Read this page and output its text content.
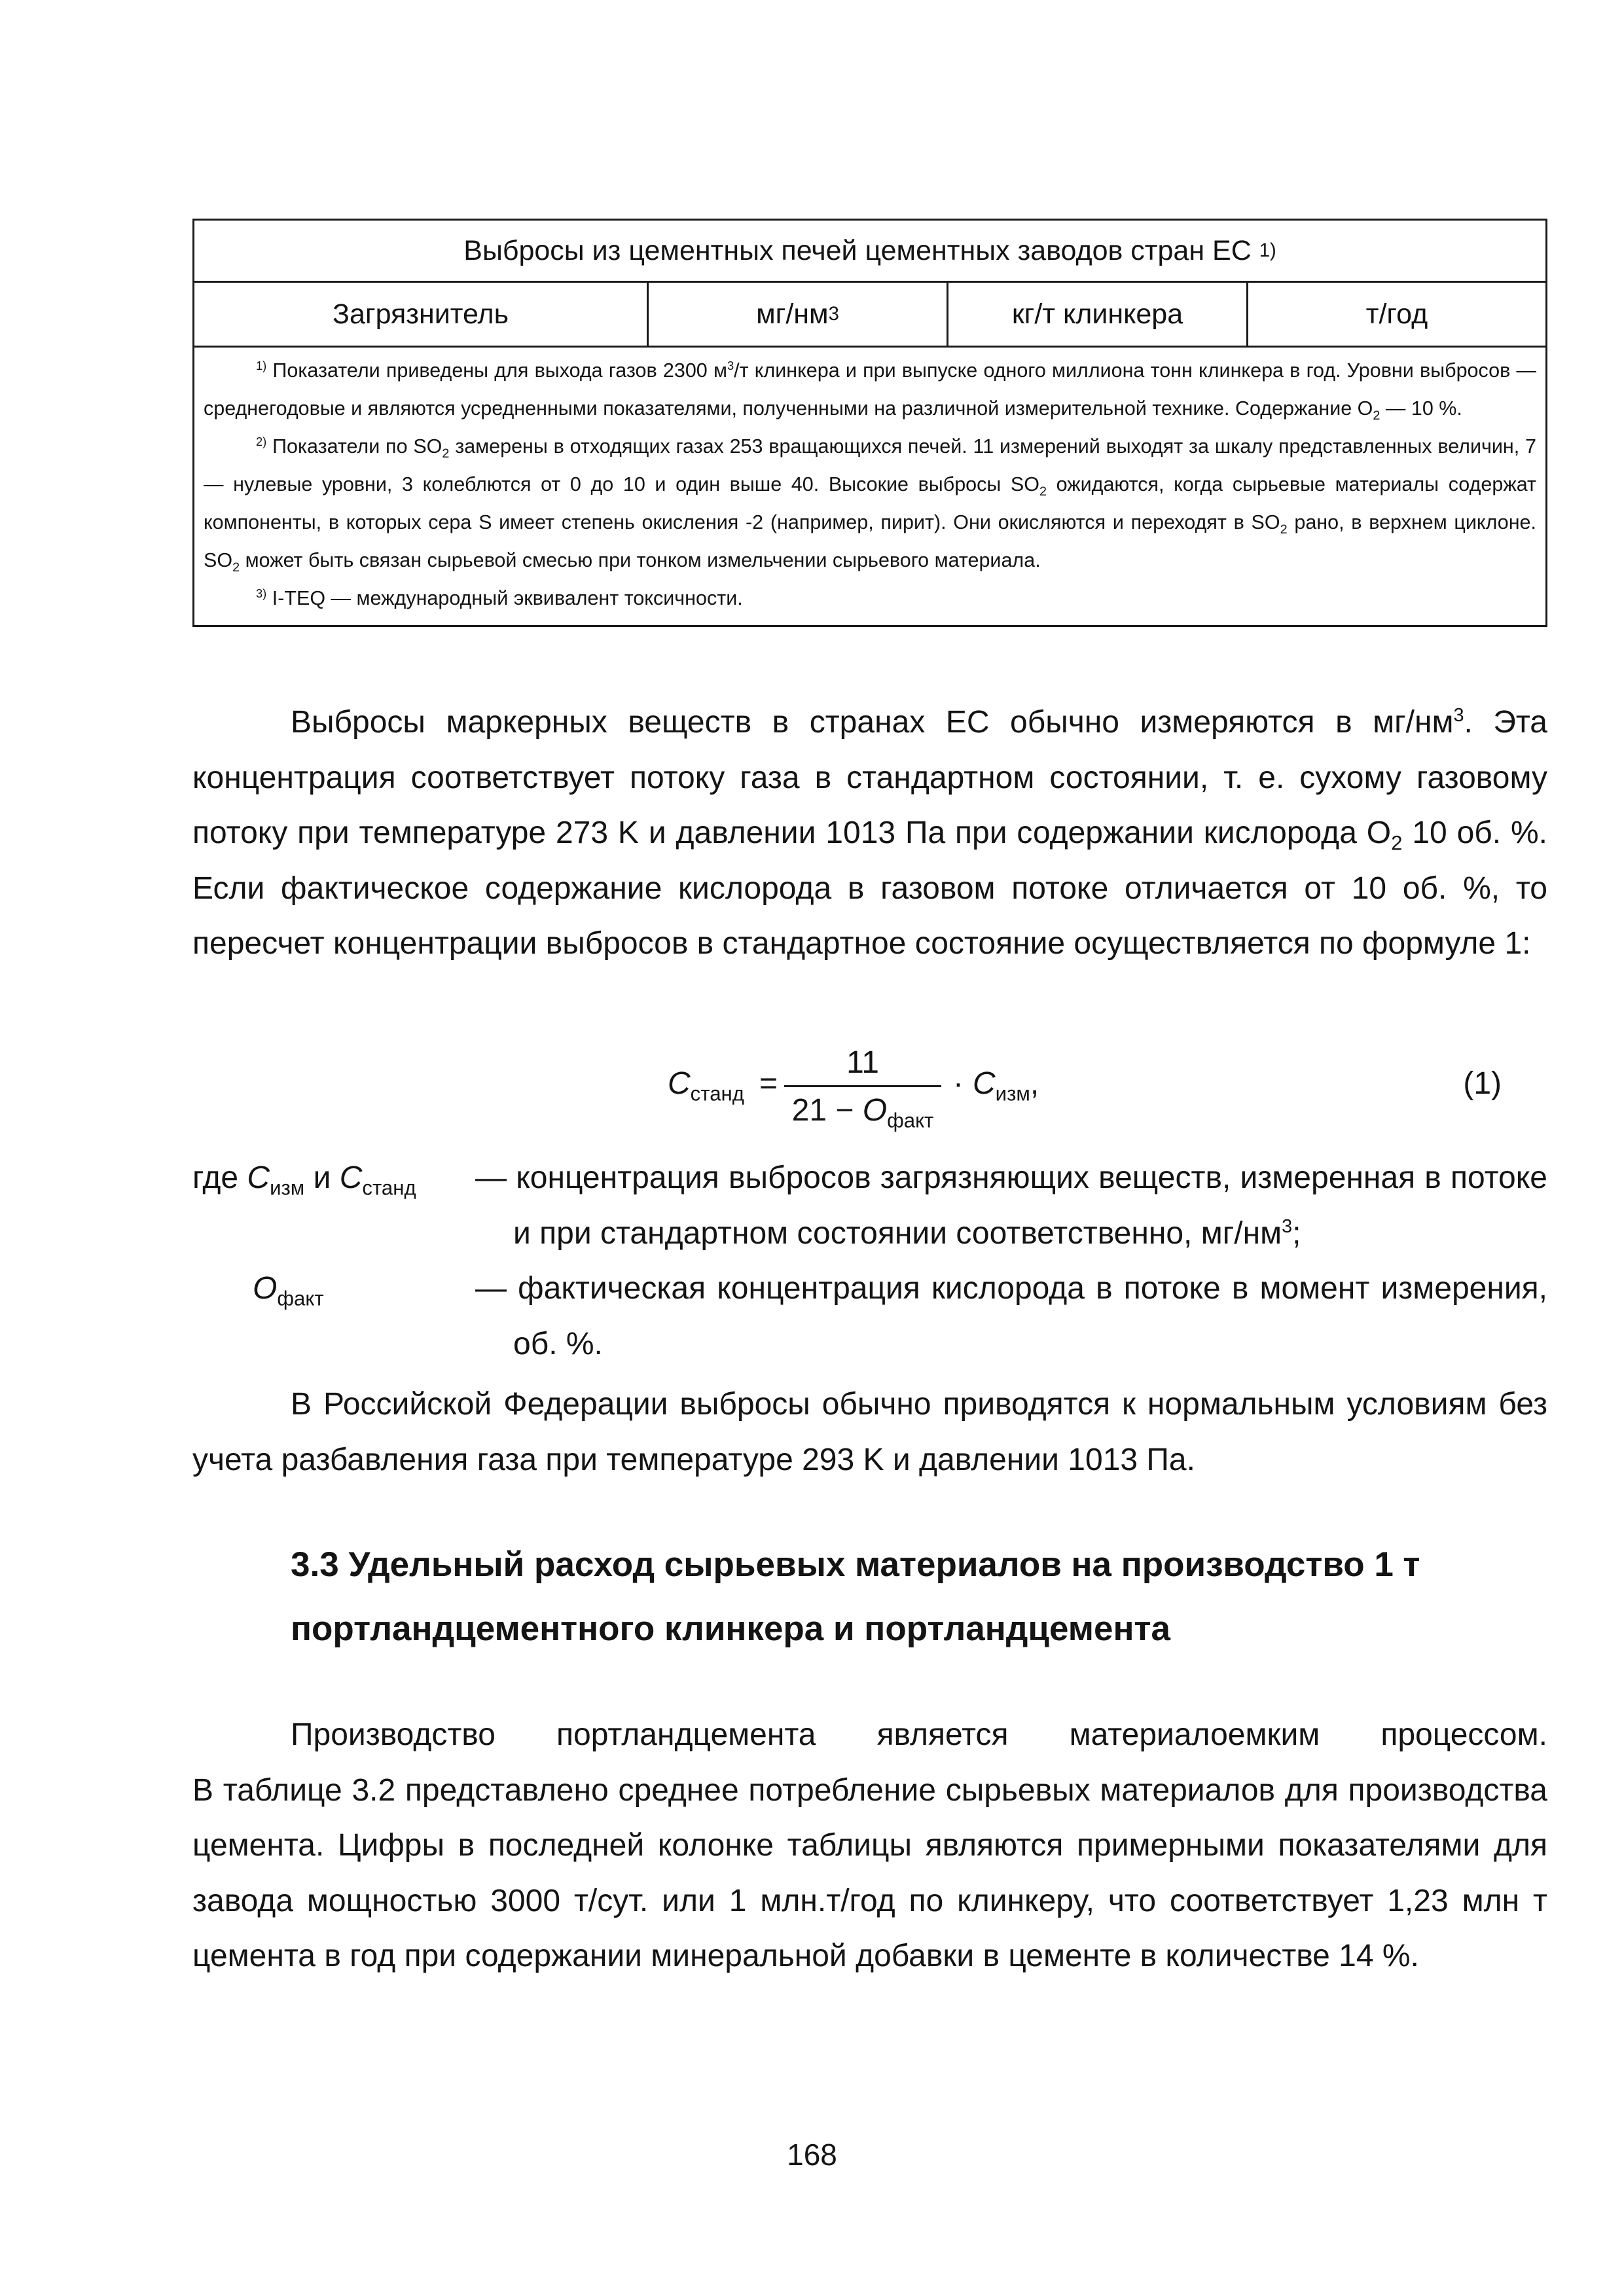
Выбросы из цементных печей цементных заводов стран ЕС
1)
Загрязнитель	мг/нм 3	кг/т клинкера	т/год

$^{1)}$ Показатели приведены для выхода газов 2300 $м^3/т$ клинкера и при выпуске одного миллиона тонн клинкера в год. Уровни выбросов — среднегодовые и являются усредненными показателями, полученными на различной измерительной технике. Содержание $O_2$ — 10 %.

$^{2)}$ Показатели по $SO_2$ замерены в отходящих газах 253 вращающихся печей. 11 измерений выходят за шкалу представленных величин, 7 — нулевые уровни, 3 колеблются от 0 до 10 и один выше 40. Высокие выбросы $SO_2$ ожидаются, когда сырьевые материалы содержат компоненты, в которых сера S имеет степень окисления -2 (например, пирит). Они окисляются и переходят в $SO_2$ рано, в верхнем циклоне. $SO_2$ может быть связан сырьевой смесью при тонком измельчении сырьевого материала.

$^{3)}$ I-TEQ — международный эквивалент токсичности.

Выбросы маркерных веществ в странах ЕС обычно измеряются в $мг/нм^3$. Эта концентрация соответствует потоку газа в стандартном состоянии, т. е. сухому газовому потоку при температуре 273 K и давлении 1013 Па при содержании кислорода $O_2$ 10 об. %. Если фактическое содержание кислорода в газовом потоке отличается от 10 об. %, то пересчет концентрации выбросов в стандартное состояние осуществляется по формуле 1:

$C_{станд}$ =
11
$21 - O_{факт}$
· $C_{изм}$,	(1)
где $C_{изм}$ и $C_{станд}$	— концентрация выбросов загрязняющих веществ, измеренная в потоке и при стандартном состоянии соответственно, $мг/нм^3$;
$O_{факт}$	— фактическая концентрация кислорода в потоке в момент измерения, об. %.

В Российской Федерации выбросы обычно приводятся к нормальным условиям без учета разбавления газа при температуре 293 K и давлении 1013 Па.

3.3 Удельный расход сырьевых материалов на производство 1 т портландцементного клинкера и портландцемента
Производство портландцемента является материалоемким процессом.
В таблице 3.2 представлено среднее потребление сырьевых материалов для производства цемента. Цифры в последней колонке таблицы являются примерными показателями для завода мощностью 3000 т/сут. или 1 млн.т/год по клинкеру, что соответствует 1,23 млн т цемента в год при содержании минеральной добавки в цементе в количестве 14 %.
168
